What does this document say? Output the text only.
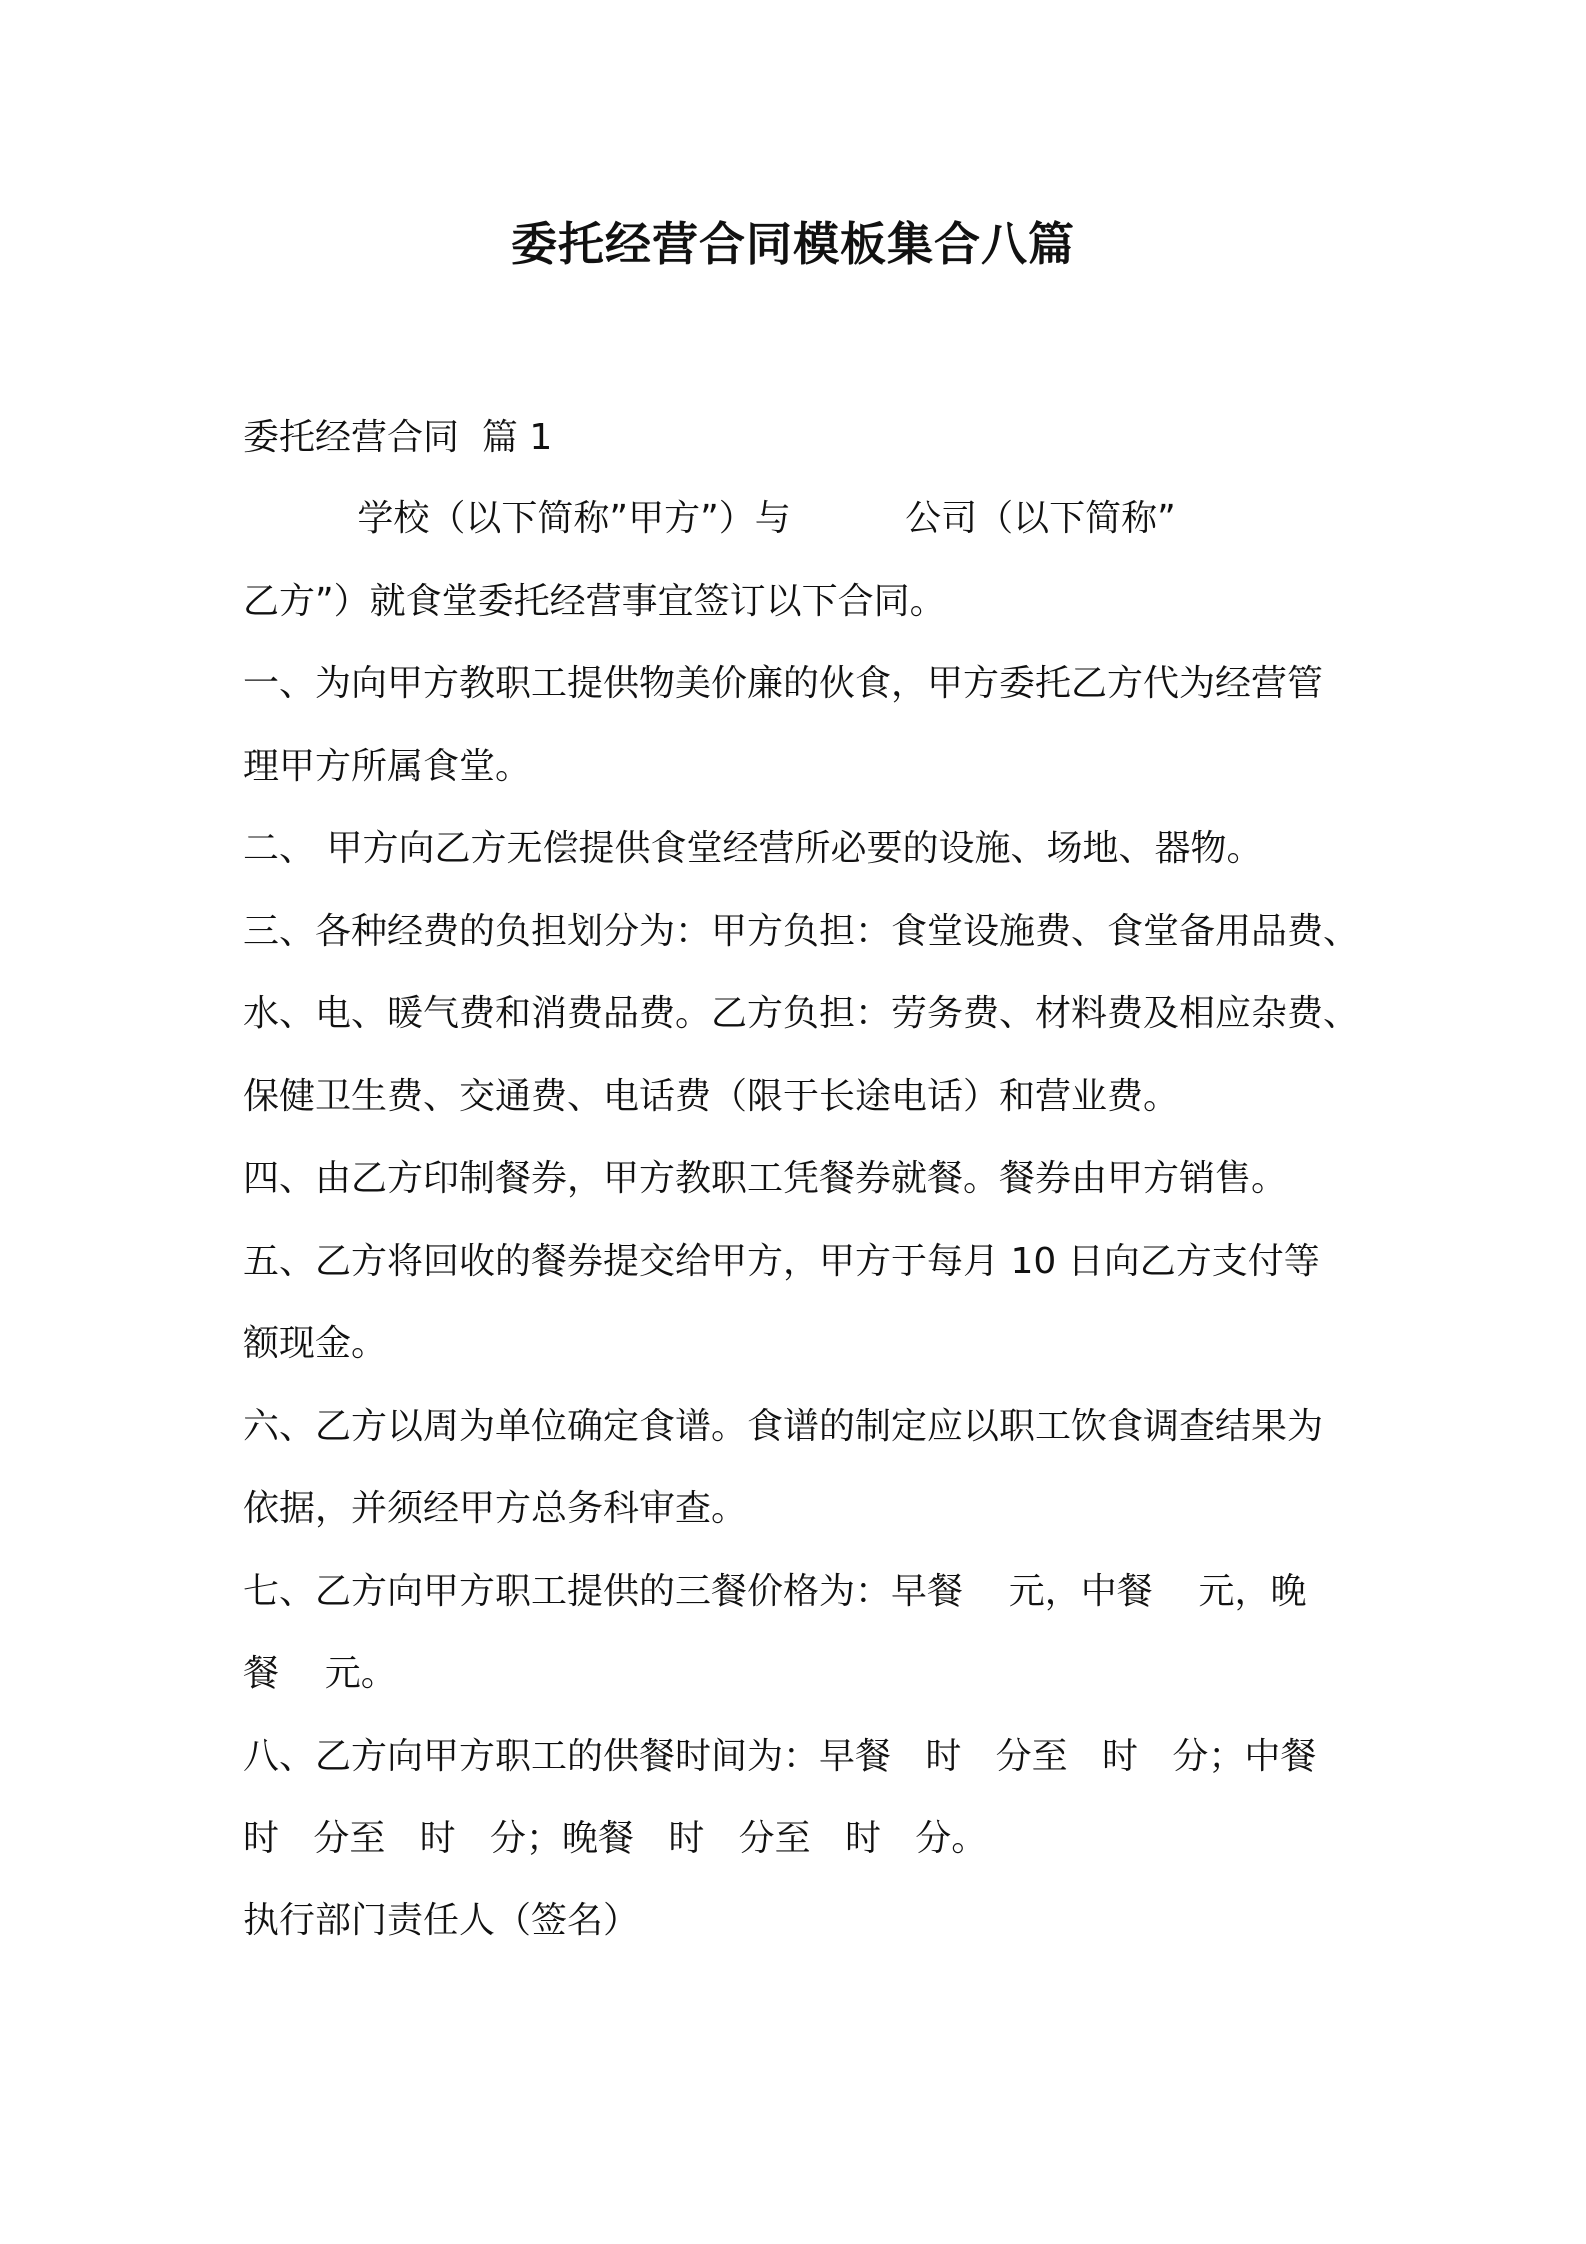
委托经营合同模板集合八篇
委托经营合同  篇 1
学校（以下简称”甲方”）与          公司（以下简称”
乙方”）就食堂委托经营事宜签订以下合同。
一、为向甲方教职工提供物美价廉的伙食，甲方委托乙方代为经营管
理甲方所属食堂。
二、 甲方向乙方无偿提供食堂经营所必要的设施、场地、器物。
三、各种经费的负担划分为：甲方负担：食堂设施费、食堂备用品费、
水、电、暖气费和消费品费。乙方负担：劳务费、材料费及相应杂费、
保健卫生费、交通费、电话费（限于长途电话）和营业费。
四、由乙方印制餐券，甲方教职工凭餐券就餐。餐券由甲方销售。
五、乙方将回收的餐券提交给甲方，甲方于每月 10 日向乙方支付等
额现金。
六、乙方以周为单位确定食谱。食谱的制定应以职工饮食调查结果为
依据，并须经甲方总务科审查。
七、乙方向甲方职工提供的三餐价格为：早餐    元，中餐    元，晚
餐    元。
八、乙方向甲方职工的供餐时间为：早餐   时   分至   时   分；中餐
时   分至   时   分；晚餐   时   分至   时   分。
执行部门责任人（签名）
